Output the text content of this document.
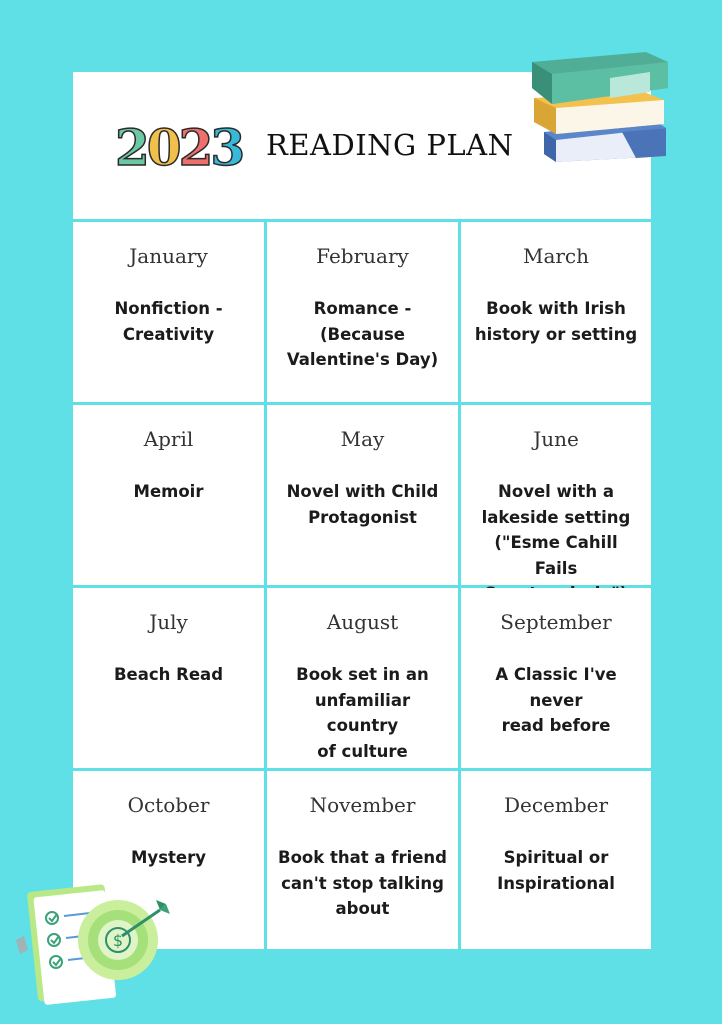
2023 READING PLAN
January
Nonfiction -
Creativity
February
Romance -
(Because
Valentine's Day)
March
Book with Irish
history or setting
April
Memoir
May
Novel with Child
Protagonist
June
Novel with a
lakeside setting
("Esme Cahill Fails

July
Beach Read
August
Book set in an
unfamiliar country
of culture
September
A Classic I've never
read before
October
Mystery
November
Book that a friend
can't stop talking
about
December
Spiritual or
Inspirational
$
